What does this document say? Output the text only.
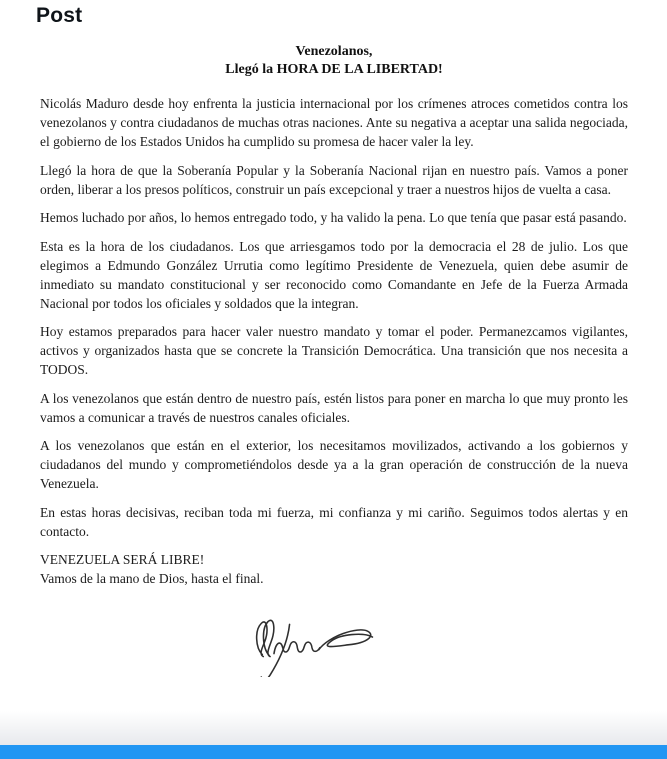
Post
Venezolanos,
Llegó la HORA DE LA LIBERTAD!

Nicolás Maduro desde hoy enfrenta la justicia internacional por los crímenes atroces cometidos contra los venezolanos y contra ciudadanos de muchas otras naciones. Ante su negativa a aceptar una salida negociada, el gobierno de los Estados Unidos ha cumplido su promesa de hacer valer la ley.

Llegó la hora de que la Soberanía Popular y la Soberanía Nacional rijan en nuestro país. Vamos a poner orden, liberar a los presos políticos, construir un país excepcional y traer a nuestros hijos de vuelta a casa.

Hemos luchado por años, lo hemos entregado todo, y ha valido la pena. Lo que tenía que pasar está pasando.

Esta es la hora de los ciudadanos. Los que arriesgamos todo por la democracia el 28 de julio. Los que elegimos a Edmundo González Urrutia como legítimo Presidente de Venezuela, quien debe asumir de inmediato su mandato constitucional y ser reconocido como Comandante en Jefe de la Fuerza Armada Nacional por todos los oficiales y soldados que la integran.

Hoy estamos preparados para hacer valer nuestro mandato y tomar el poder. Permanezcamos vigilantes, activos y organizados hasta que se concrete la Transición Democrática. Una transición que nos necesita a TODOS.

A los venezolanos que están dentro de nuestro país, estén listos para poner en marcha lo que muy pronto les vamos a comunicar a través de nuestros canales oficiales.

A los venezolanos que están en el exterior, los necesitamos movilizados, activando a los gobiernos y ciudadanos del mundo y comprometiéndolos desde ya a la gran operación de construcción de la nueva Venezuela.

En estas horas decisivas, reciban toda mi fuerza, mi confianza y mi cariño. Seguimos todos alertas y en contacto.

VENEZUELA SERÁ LIBRE!
Vamos de la mano de Dios, hasta el final.
